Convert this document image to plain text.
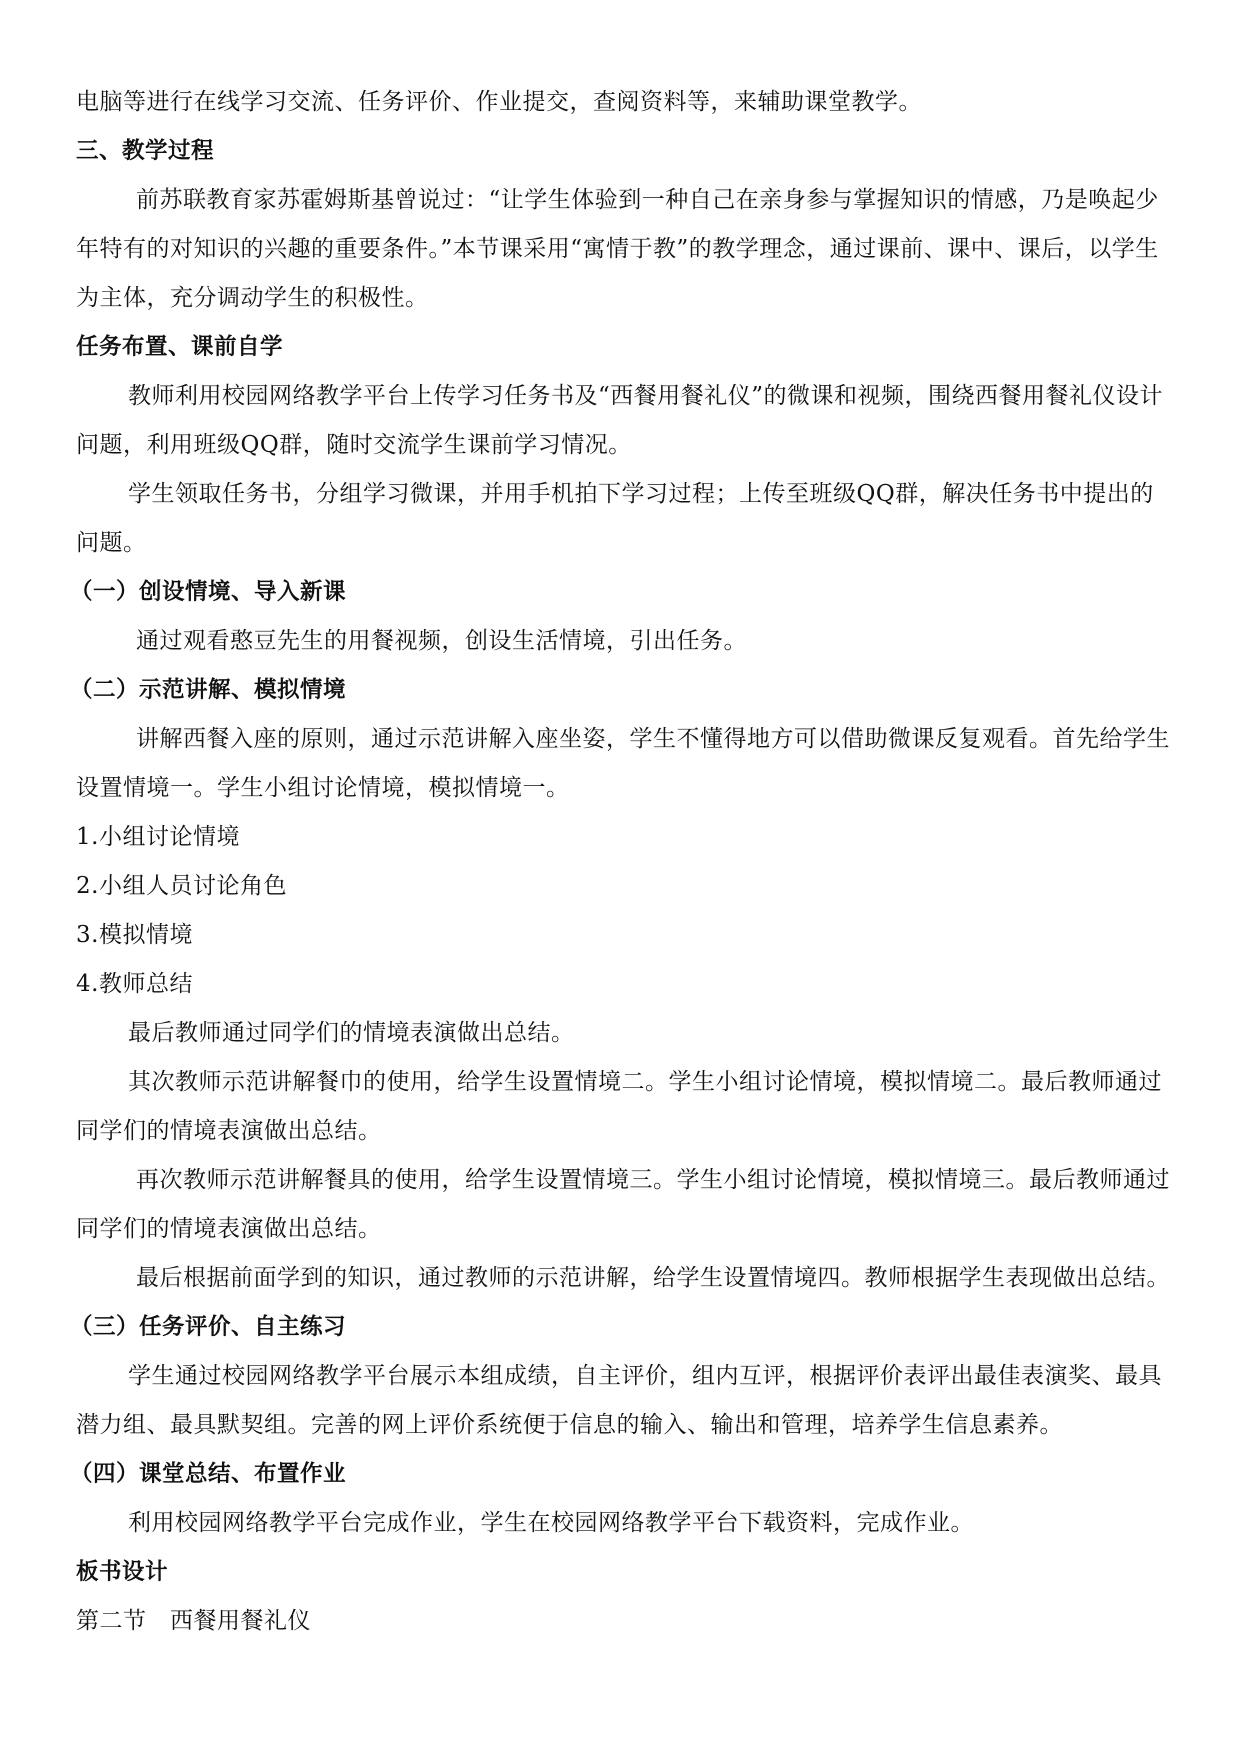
电脑等进行在线学习交流、任务评价、作业提交，查阅资料等，来辅助课堂教学。

三、教学过程

前苏联教育家苏霍姆斯基曾说过：“让学生体验到一种自己在亲身参与掌握知识的情感，乃是唤起少年特有的对知识的兴趣的重要条件。”本节课采用“寓情于教”的教学理念，通过课前、课中、课后，以学生为主体，充分调动学生的积极性。

任务布置、课前自学

教师利用校园网络教学平台上传学习任务书及“西餐用餐礼仪”的微课和视频，围绕西餐用餐礼仪设计问题，利用班级QQ群，随时交流学生课前学习情况。

学生领取任务书，分组学习微课，并用手机拍下学习过程；上传至班级QQ群，解决任务书中提出的问题。

（一）创设情境、导入新课

通过观看憨豆先生的用餐视频，创设生活情境，引出任务。

（二）示范讲解、模拟情境

讲解西餐入座的原则，通过示范讲解入座坐姿，学生不懂得地方可以借助微课反复观看。首先给学生设置情境一。学生小组讨论情境，模拟情境一。

1.小组讨论情境

2.小组人员讨论角色

3.模拟情境

4.教师总结

最后教师通过同学们的情境表演做出总结。

其次教师示范讲解餐巾的使用，给学生设置情境二。学生小组讨论情境，模拟情境二。最后教师通过同学们的情境表演做出总结。

再次教师示范讲解餐具的使用，给学生设置情境三。学生小组讨论情境，模拟情境三。最后教师通过同学们的情境表演做出总结。

最后根据前面学到的知识，通过教师的示范讲解，给学生设置情境四。教师根据学生表现做出总结。

（三）任务评价、自主练习

学生通过校园网络教学平台展示本组成绩，自主评价，组内互评，根据评价表评出最佳表演奖、最具潜力组、最具默契组。完善的网上评价系统便于信息的输入、输出和管理，培养学生信息素养。

（四）课堂总结、布置作业

利用校园网络教学平台完成作业，学生在校园网络教学平台下载资料，完成作业。

板书设计

第二节　西餐用餐礼仪
